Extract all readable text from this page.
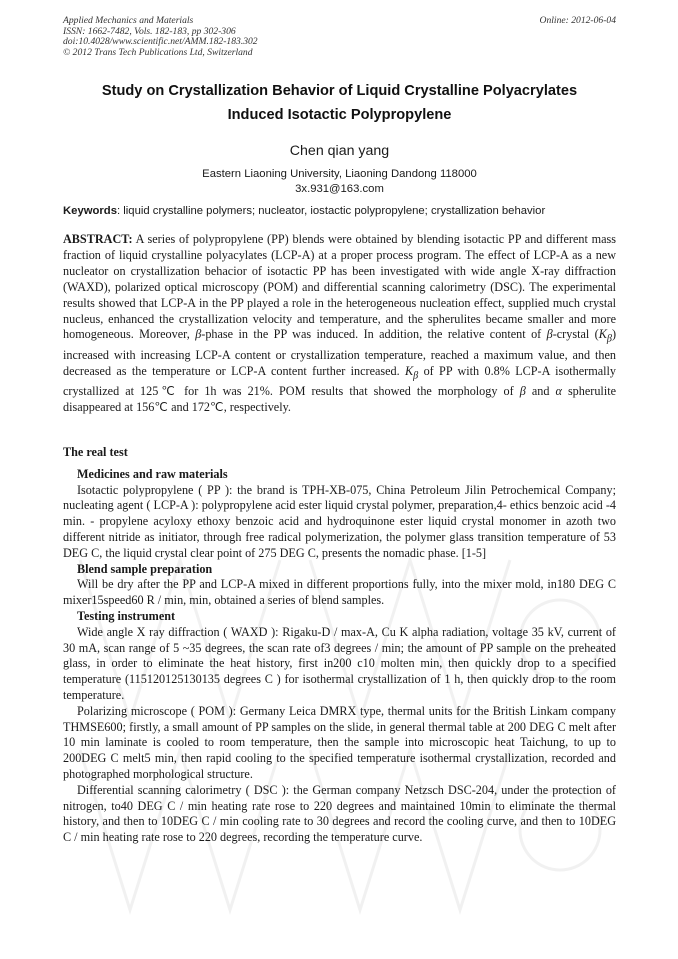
Applied Mechanics and Materials
ISSN: 1662-7482, Vols. 182-183, pp 302-306
doi:10.4028/www.scientific.net/AMM.182-183.302
© 2012 Trans Tech Publications Ltd, Switzerland
Online: 2012-06-04
Study on Crystallization Behavior of Liquid Crystalline Polyacrylates
Induced Isotactic Polypropylene
Chen qian yang
Eastern Liaoning University, Liaoning Dandong 118000
3x.931@163.com
Keywords: liquid crystalline polymers; nucleator, iostactic polypropylene; crystallization behavior
ABSTRACT: A series of polypropylene (PP) blends were obtained by blending isotactic PP and different mass fraction of liquid crystalline polyacylates (LCP-A) at a proper process program. The effect of LCP-A as a new nucleator on crystallization behacior of isotactic PP has been investigated with wide angle X-ray diffraction (WAXD), polarized optical microscopy (POM) and differential scanning calorimetry (DSC). The experimental results showed that LCP-A in the PP played a role in the heterogeneous nucleation effect, supplied much crystal nucleus, enhanced the crystallization velocity and temperature, and the spherulites became smaller and more homogeneous. Moreover, β-phase in the PP was induced. In addition, the relative content of β-crystal $(K_\beta)$ increased with increasing LCP-A content or crystallization temperature, reached a maximum value, and then decreased as the temperature or LCP-A content further increased. $K_\beta$ of PP with 0.8% LCP-A isothermally crystallized at 125℃ for 1h was 21%. POM results that showed the morphology of β and α spherulite disappeared at 156℃ and 172℃, respectively.
The real test
Medicines and raw materials
Isotactic polypropylene ( PP ): the brand is TPH-XB-075, China Petroleum Jilin Petrochemical Company; nucleating agent ( LCP-A ): polypropylene acid ester liquid crystal polymer, preparation,4- ethics benzoic acid -4 min. - propylene acyloxy ethoxy benzoic acid and hydroquinone ester liquid crystal monomer in azoth two different nitride as initiator, through free radical polymerization, the polymer glass transition temperature of 53 DEG C, the liquid crystal clear point of 275 DEG C, presents the nomadic phase. [1-5]
Blend sample preparation
Will be dry after the PP and LCP-A mixed in different proportions fully, into the mixer mold, in180 DEG C mixer15speed60 R / min, min, obtained a series of blend samples.
Testing instrument
Wide angle X ray diffraction ( WAXD ): Rigaku-D / max-A, Cu K alpha radiation, voltage 35 kV, current of 30 mA, scan range of 5 ~35 degrees, the scan rate of3 degrees / min; the amount of PP sample on the preheated glass, in order to eliminate the heat history, first in200 c10 molten min, then quickly drop to a specified temperature (115120125130135 degrees C ) for isothermal crystallization of 1 h, then quickly drop to the room temperature.
Polarizing microscope ( POM ): Germany Leica DMRX type, thermal units for the British Linkam company THMSE600; firstly, a small amount of PP samples on the slide, in general thermal table at 200 DEG C melt after 10 min laminate is cooled to room temperature, then the sample into microscopic heat Taichung, to up to 200DEG C melt5 min, then rapid cooling to the specified temperature isothermal crystallization, recorded and photographed morphological structure.
Differential scanning calorimetry ( DSC ): the German company Netzsch DSC-204, under the protection of nitrogen, to40 DEG C / min heating rate rose to 220 degrees and maintained 10min to eliminate the thermal history, and then to 10DEG C / min cooling rate to 30 degrees and record the cooling curve, and then to 10DEG C / min heating rate rose to 220 degrees, recording the temperature curve.
